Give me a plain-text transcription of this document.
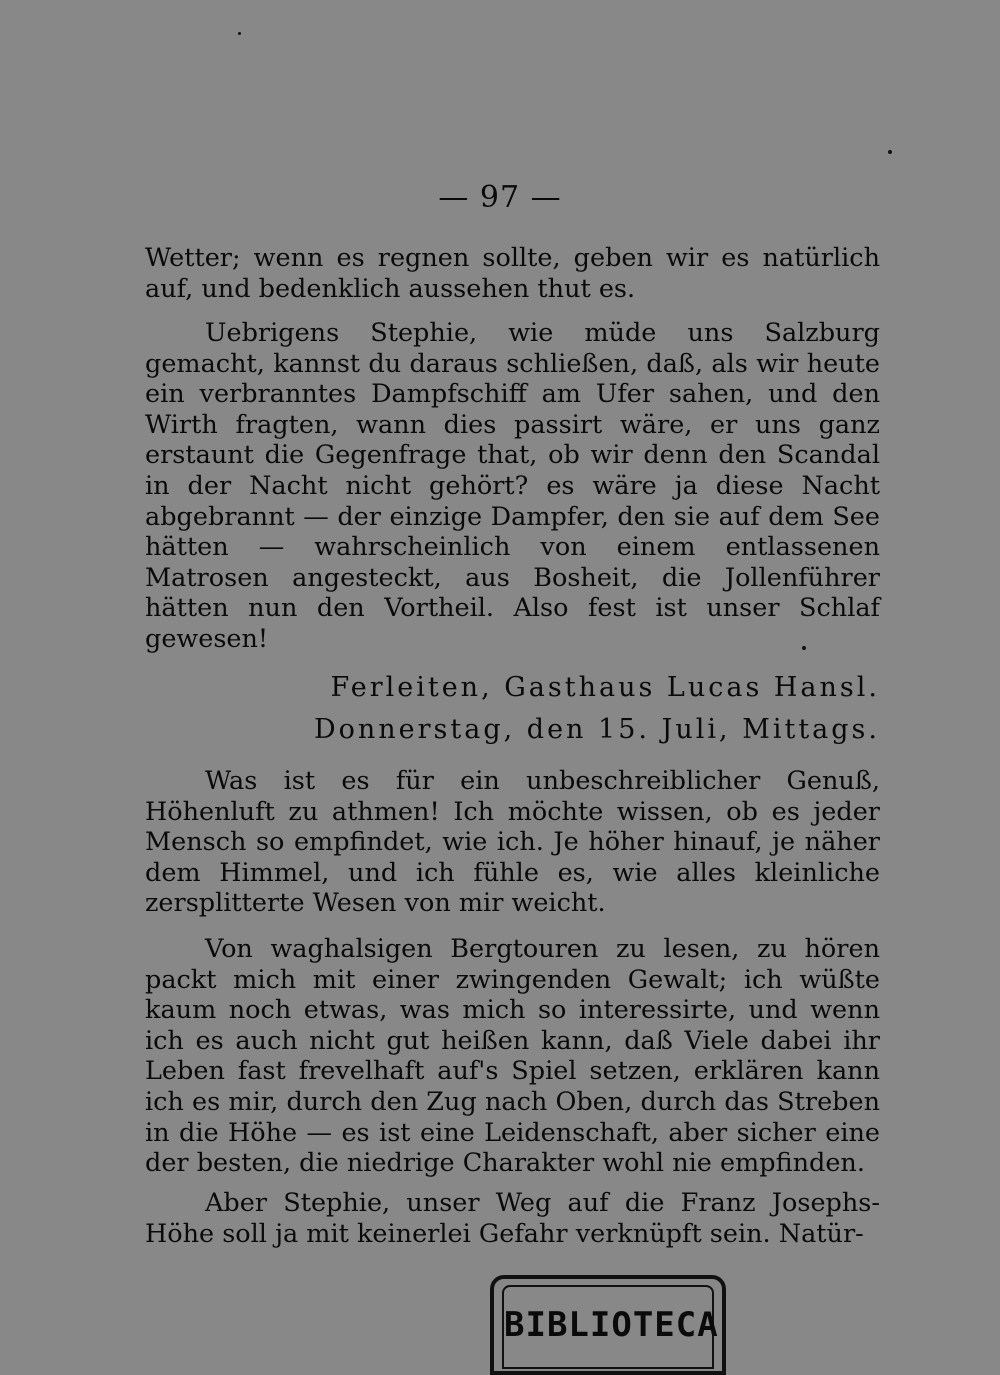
— 97 —

Wetter; wenn es regnen sollte, geben wir es natürlich auf, und bedenklich aussehen thut es.

Uebrigens Stephie, wie müde uns Salzburg gemacht, kannst du daraus schließen, daß, als wir heute ein verbranntes Dampfschiff am Ufer sahen, und den Wirth fragten, wann dies passirt wäre, er uns ganz erstaunt die Gegenfrage that, ob wir denn den Scandal in der Nacht nicht gehört? es wäre ja diese Nacht abgebrannt — der einzige Dampfer, den sie auf dem See hätten — wahrscheinlich von einem entlassenen Matrosen angesteckt, aus Bosheit, die Jollenführer hätten nun den Vortheil. Also fest ist unser Schlaf gewesen!

Ferleiten, Gasthaus Lucas Hansl.
Donnerstag, den 15. Juli, Mittags.

Was ist es für ein unbeschreiblicher Genuß, Höhenluft zu athmen! Ich möchte wissen, ob es jeder Mensch so empfindet, wie ich. Je höher hinauf, je näher dem Himmel, und ich fühle es, wie alles kleinliche zersplitterte Wesen von mir weicht.

Von waghalsigen Bergtouren zu lesen, zu hören packt mich mit einer zwingenden Gewalt; ich wüßte kaum noch etwas, was mich so interessirte, und wenn ich es auch nicht gut heißen kann, daß Viele dabei ihr Leben fast frevelhaft auf's Spiel setzen, erklären kann ich es mir, durch den Zug nach Oben, durch das Streben in die Höhe — es ist eine Leidenschaft, aber sicher eine der besten, die niedrige Charakter wohl nie empfinden.

Aber Stephie, unser Weg auf die Franz Josephs-Höhe soll ja mit keinerlei Gefahr verknüpft sein. Natür-

BIBLIOTECA
